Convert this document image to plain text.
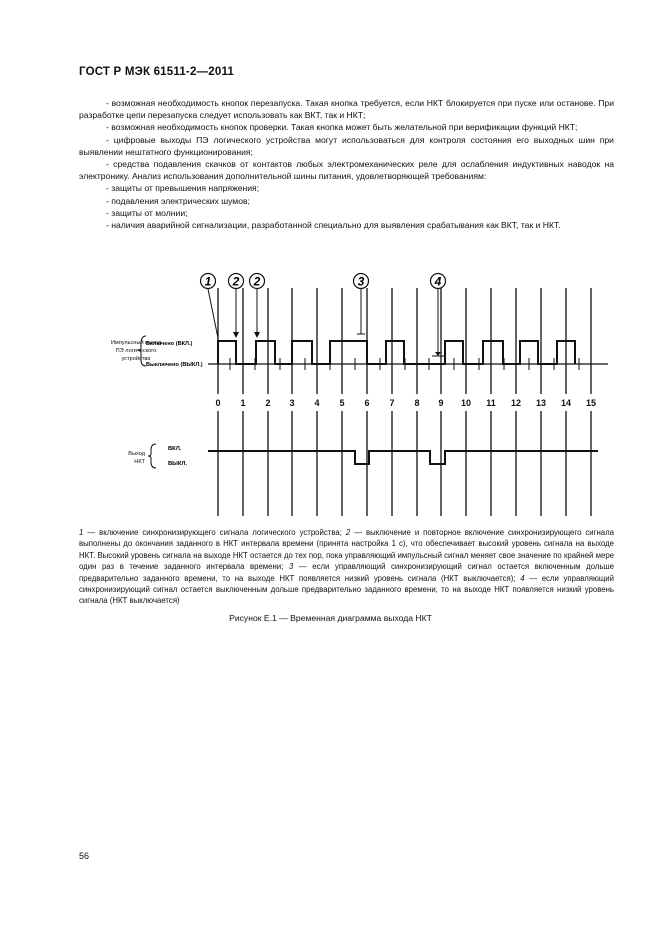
ГОСТ Р МЭК 61511-2—2011

- возможная необходимость кнопок перезапуска. Такая кнопка требуется, если НКТ блокируется при пуске или останове. При разработке цепи перезапуска следует использовать как ВКТ, так и НКТ;

- возможная необходимость кнопок проверки. Такая кнопка может быть желательной при верификации функций НКТ;

- цифровые выходы ПЭ логического устройства могут использоваться для контроля состояния его выходных шин при выявлении нештатного функционирования;

- средства подавления скачков от контактов любых электромеханических реле для ослабления индуктивных наводок на электронику. Анализ использования дополнительной шины питания, удовлетворяющей требованиям:

- защиты от превышения напряжения;

- подавления электрических шумов;

- защиты от молнии;

- наличия аварийной сигнализации, разработанной специально для выявления срабатывания как ВКТ, так и НКТ.

1 2 2	3	4
Импульсный выход
ПЭ логического
устройства
Включено (ВКЛ.)
Выключено (ВЫКЛ.)
0 1 2 3 4 5 6 7 8 9 10 11 12 13 14 15
Выход
НКТ
ВКЛ.
ВЫКЛ.
1 — включение синхронизирующего сигнала логического устройства; 2 — выключение и повторное включение синхронизирующего сигнала выполнены до окончания заданного в НКТ интервала времени (принята настройка 1 с), что обеспечивает высокий уровень сигнала на выходе НКТ. Высокий уровень сигнала на выходе НКТ остается до тех пор, пока управляющий импульсный сигнал меняет свое значение по крайней мере один раз в течение заданного интервала времени; 3 — если управляющий синхронизирующий сигнал остается включенным дольше предварительно заданного времени, то на выходе НКТ появляется низкий уровень сигнала (НКТ выключается); 4 — если управляющий синхронизирующий сигнал остается выключенным дольше предварительно заданного времени, то на выходе НКТ появляется низкий уровень сигнала (НКТ выключается)
Рисунок Е.1 — Временная диаграмма выхода НКТ
56
